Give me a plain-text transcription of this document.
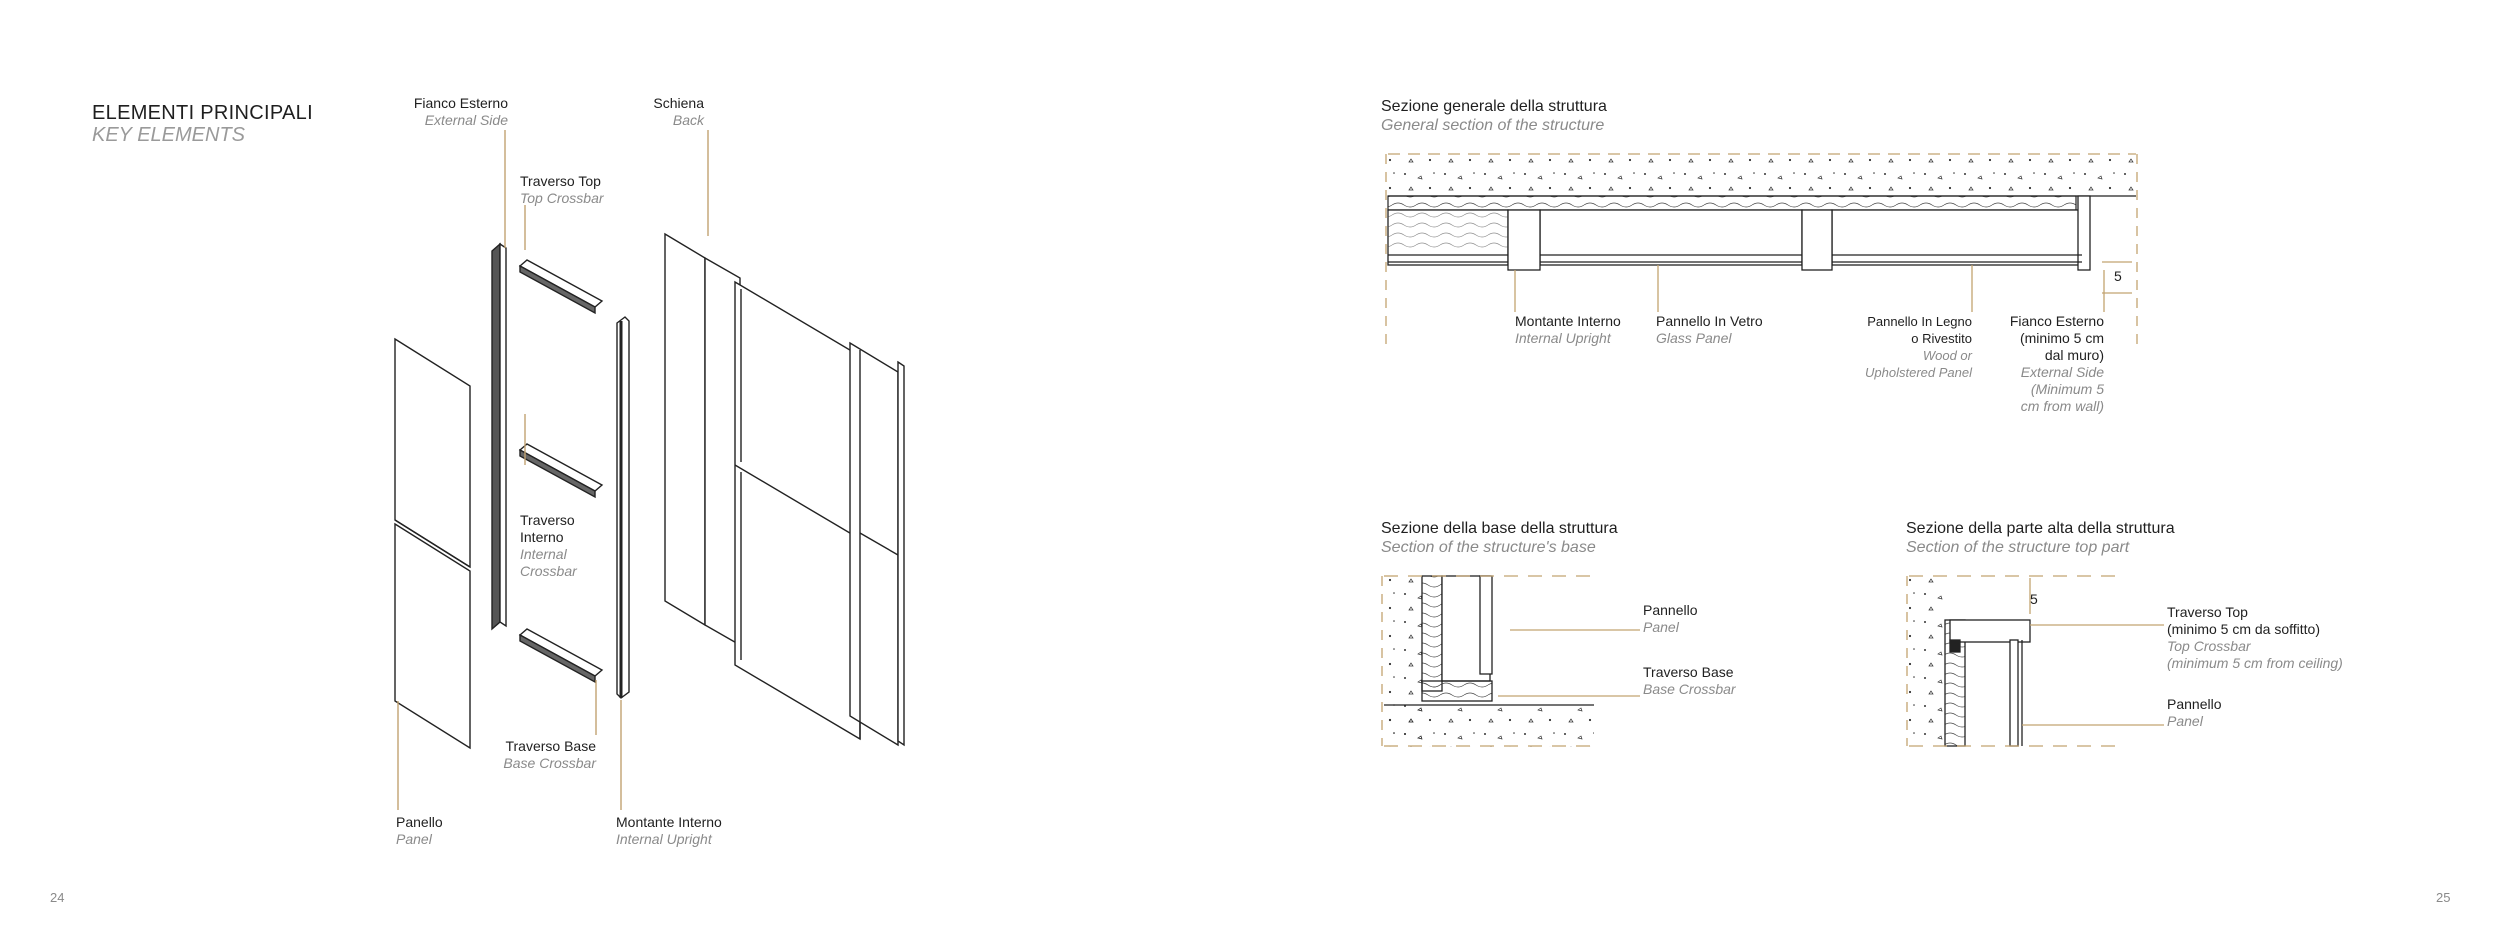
ELEMENTI PRINCIPALI
KEY ELEMENTS
Fianco Esterno
External Side
Schiena
Back
Traverso Top
Top Crossbar
Traverso
Interno
Internal
Crossbar
Traverso Base
Base Crossbar
Panello
Panel
Montante Interno
Internal Upright
24
Sezione generale della struttura
General section of the structure
5
Montante Interno
Internal Upright
Pannello In Vetro
Glass Panel
Pannello In Legno
o Rivestito
Wood or
Upholstered Panel
Fianco Esterno
(minimo 5 cm
dal muro)
External Side
(Minimum 5
cm from wall)
Sezione della base della struttura
Section of the structure's base
Pannello
Panel
Traverso Base
Base Crossbar
Sezione della parte alta della struttura
Section of the structure top part
5
Traverso Top
(minimo 5 cm da soffitto)
Top Crossbar
(minimum 5 cm from ceiling)
Pannello
Panel
25
